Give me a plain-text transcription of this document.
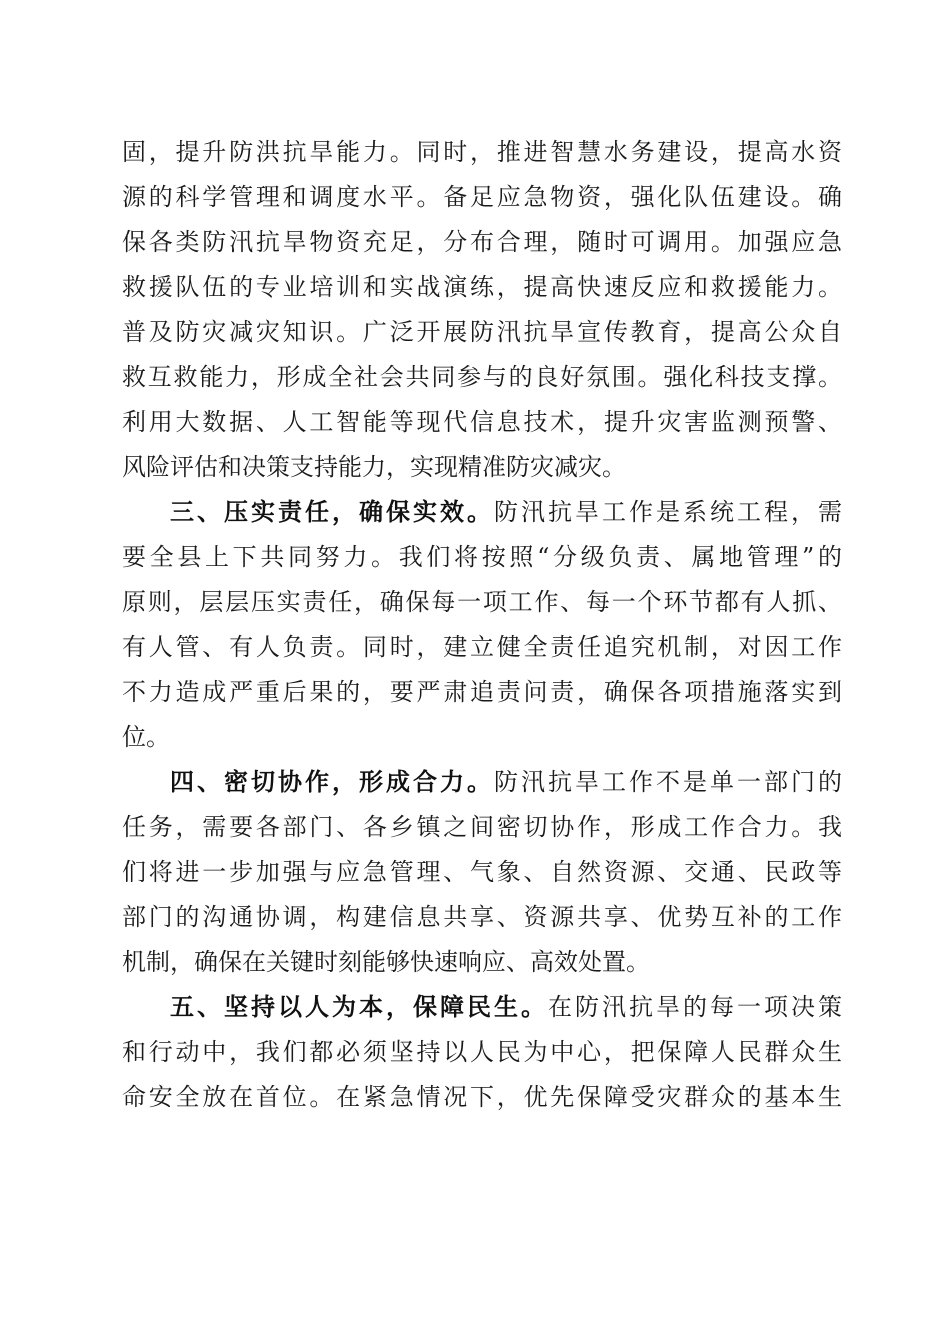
固，提升防洪抗旱能力。同时，推进智慧水务建设，提高水资
源的科学管理和调度水平。备足应急物资，强化队伍建设。确
保各类防汛抗旱物资充足，分布合理，随时可调用。加强应急
救援队伍的专业培训和实战演练，提高快速反应和救援能力。
普及防灾减灾知识。广泛开展防汛抗旱宣传教育，提高公众自
救互救能力，形成全社会共同参与的良好氛围。强化科技支撑。
利用大数据、人工智能等现代信息技术，提升灾害监测预警、
风险评估和决策支持能力，实现精准防灾减灾。
三、压实责任，确保实效。防汛抗旱工作是系统工程，需
要全县上下共同努力。我们将按照“分级负责、属地管理”的
原则，层层压实责任，确保每一项工作、每一个环节都有人抓、
有人管、有人负责。同时，建立健全责任追究机制，对因工作
不力造成严重后果的，要严肃追责问责，确保各项措施落实到
位。
四、密切协作，形成合力。防汛抗旱工作不是单一部门的
任务，需要各部门、各乡镇之间密切协作，形成工作合力。我
们将进一步加强与应急管理、气象、自然资源、交通、民政等
部门的沟通协调，构建信息共享、资源共享、优势互补的工作
机制，确保在关键时刻能够快速响应、高效处置。
五、坚持以人为本，保障民生。在防汛抗旱的每一项决策
和行动中，我们都必须坚持以人民为中心，把保障人民群众生
命安全放在首位。在紧急情况下，优先保障受灾群众的基本生
